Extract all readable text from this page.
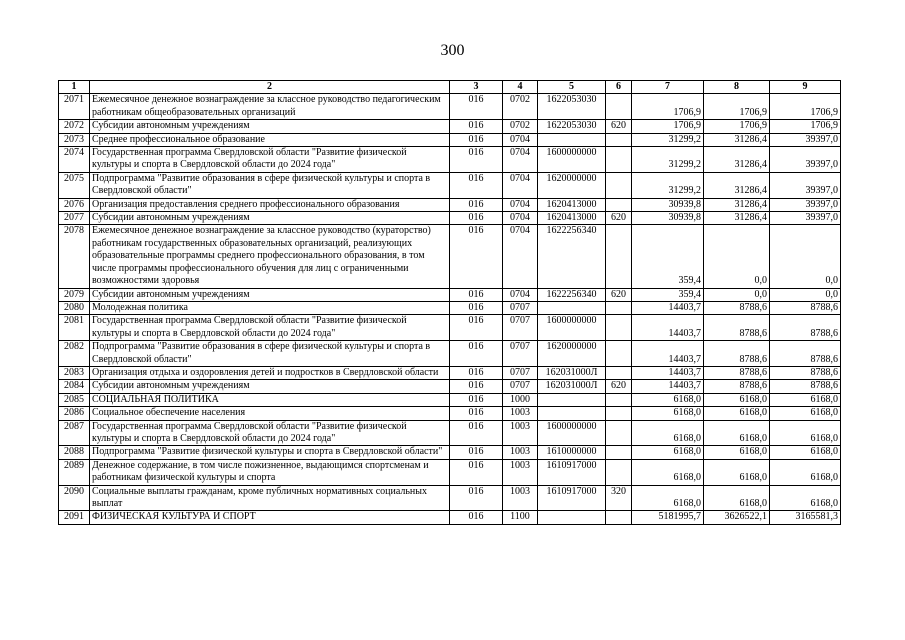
300
1	2	3	4	5	6	7	8	9
2071	Ежемесячное денежное вознаграждение за классное руководство педагогическим работникам общеобразовательных организаций	016	0702	1622053030		1706,9	1706,9	1706,9
2072	Субсидии автономным учреждениям	016	0702	1622053030	620	1706,9	1706,9	1706,9
2073	Среднее профессиональное образование	016	0704			31299,2	31286,4	39397,0
2074	Государственная программа Свердловской области "Развитие физической культуры и спорта в Свердловской области до 2024 года"	016	0704	1600000000		31299,2	31286,4	39397,0
2075	Подпрограмма "Развитие образования в сфере физической культуры и спорта в Свердловской области"	016	0704	1620000000		31299,2	31286,4	39397,0
2076	Организация предоставления среднего профессионального образования	016	0704	1620413000		30939,8	31286,4	39397,0
2077	Субсидии автономным учреждениям	016	0704	1620413000	620	30939,8	31286,4	39397,0
2078	Ежемесячное денежное вознаграждение за классное руководство (кураторство) работникам государственных образовательных организаций, реализующих образовательные программы среднего профессионального образования, в том числе программы профессионального обучения для лиц с ограниченными возможностями здоровья	016	0704	1622256340		359,4	0,0	0,0
2079	Субсидии автономным учреждениям	016	0704	1622256340	620	359,4	0,0	0,0
2080	Молодежная политика	016	0707			14403,7	8788,6	8788,6
2081	Государственная программа Свердловской области "Развитие физической культуры и спорта в Свердловской области до 2024 года"	016	0707	1600000000		14403,7	8788,6	8788,6
2082	Подпрограмма "Развитие образования в сфере физической культуры и спорта в Свердловской области"	016	0707	1620000000		14403,7	8788,6	8788,6
2083	Организация отдыха и оздоровления детей и подростков в Свердловской области	016	0707	162031000Л		14403,7	8788,6	8788,6
2084	Субсидии автономным учреждениям	016	0707	162031000Л	620	14403,7	8788,6	8788,6
2085	СОЦИАЛЬНАЯ ПОЛИТИКА	016	1000			6168,0	6168,0	6168,0
2086	Социальное обеспечение населения	016	1003			6168,0	6168,0	6168,0
2087	Государственная программа Свердловской области "Развитие физической культуры и спорта в Свердловской области до 2024 года"	016	1003	1600000000		6168,0	6168,0	6168,0
2088	Подпрограмма "Развитие физической культуры и спорта в Свердловской области"	016	1003	1610000000		6168,0	6168,0	6168,0
2089	Денежное содержание, в том числе пожизненное, выдающимся спортсменам и работникам физической культуры и спорта	016	1003	1610917000		6168,0	6168,0	6168,0
2090	Социальные выплаты гражданам, кроме публичных нормативных социальных выплат	016	1003	1610917000	320	6168,0	6168,0	6168,0
2091	ФИЗИЧЕСКАЯ КУЛЬТУРА И СПОРТ	016	1100			5181995,7	3626522,1	3165581,3
